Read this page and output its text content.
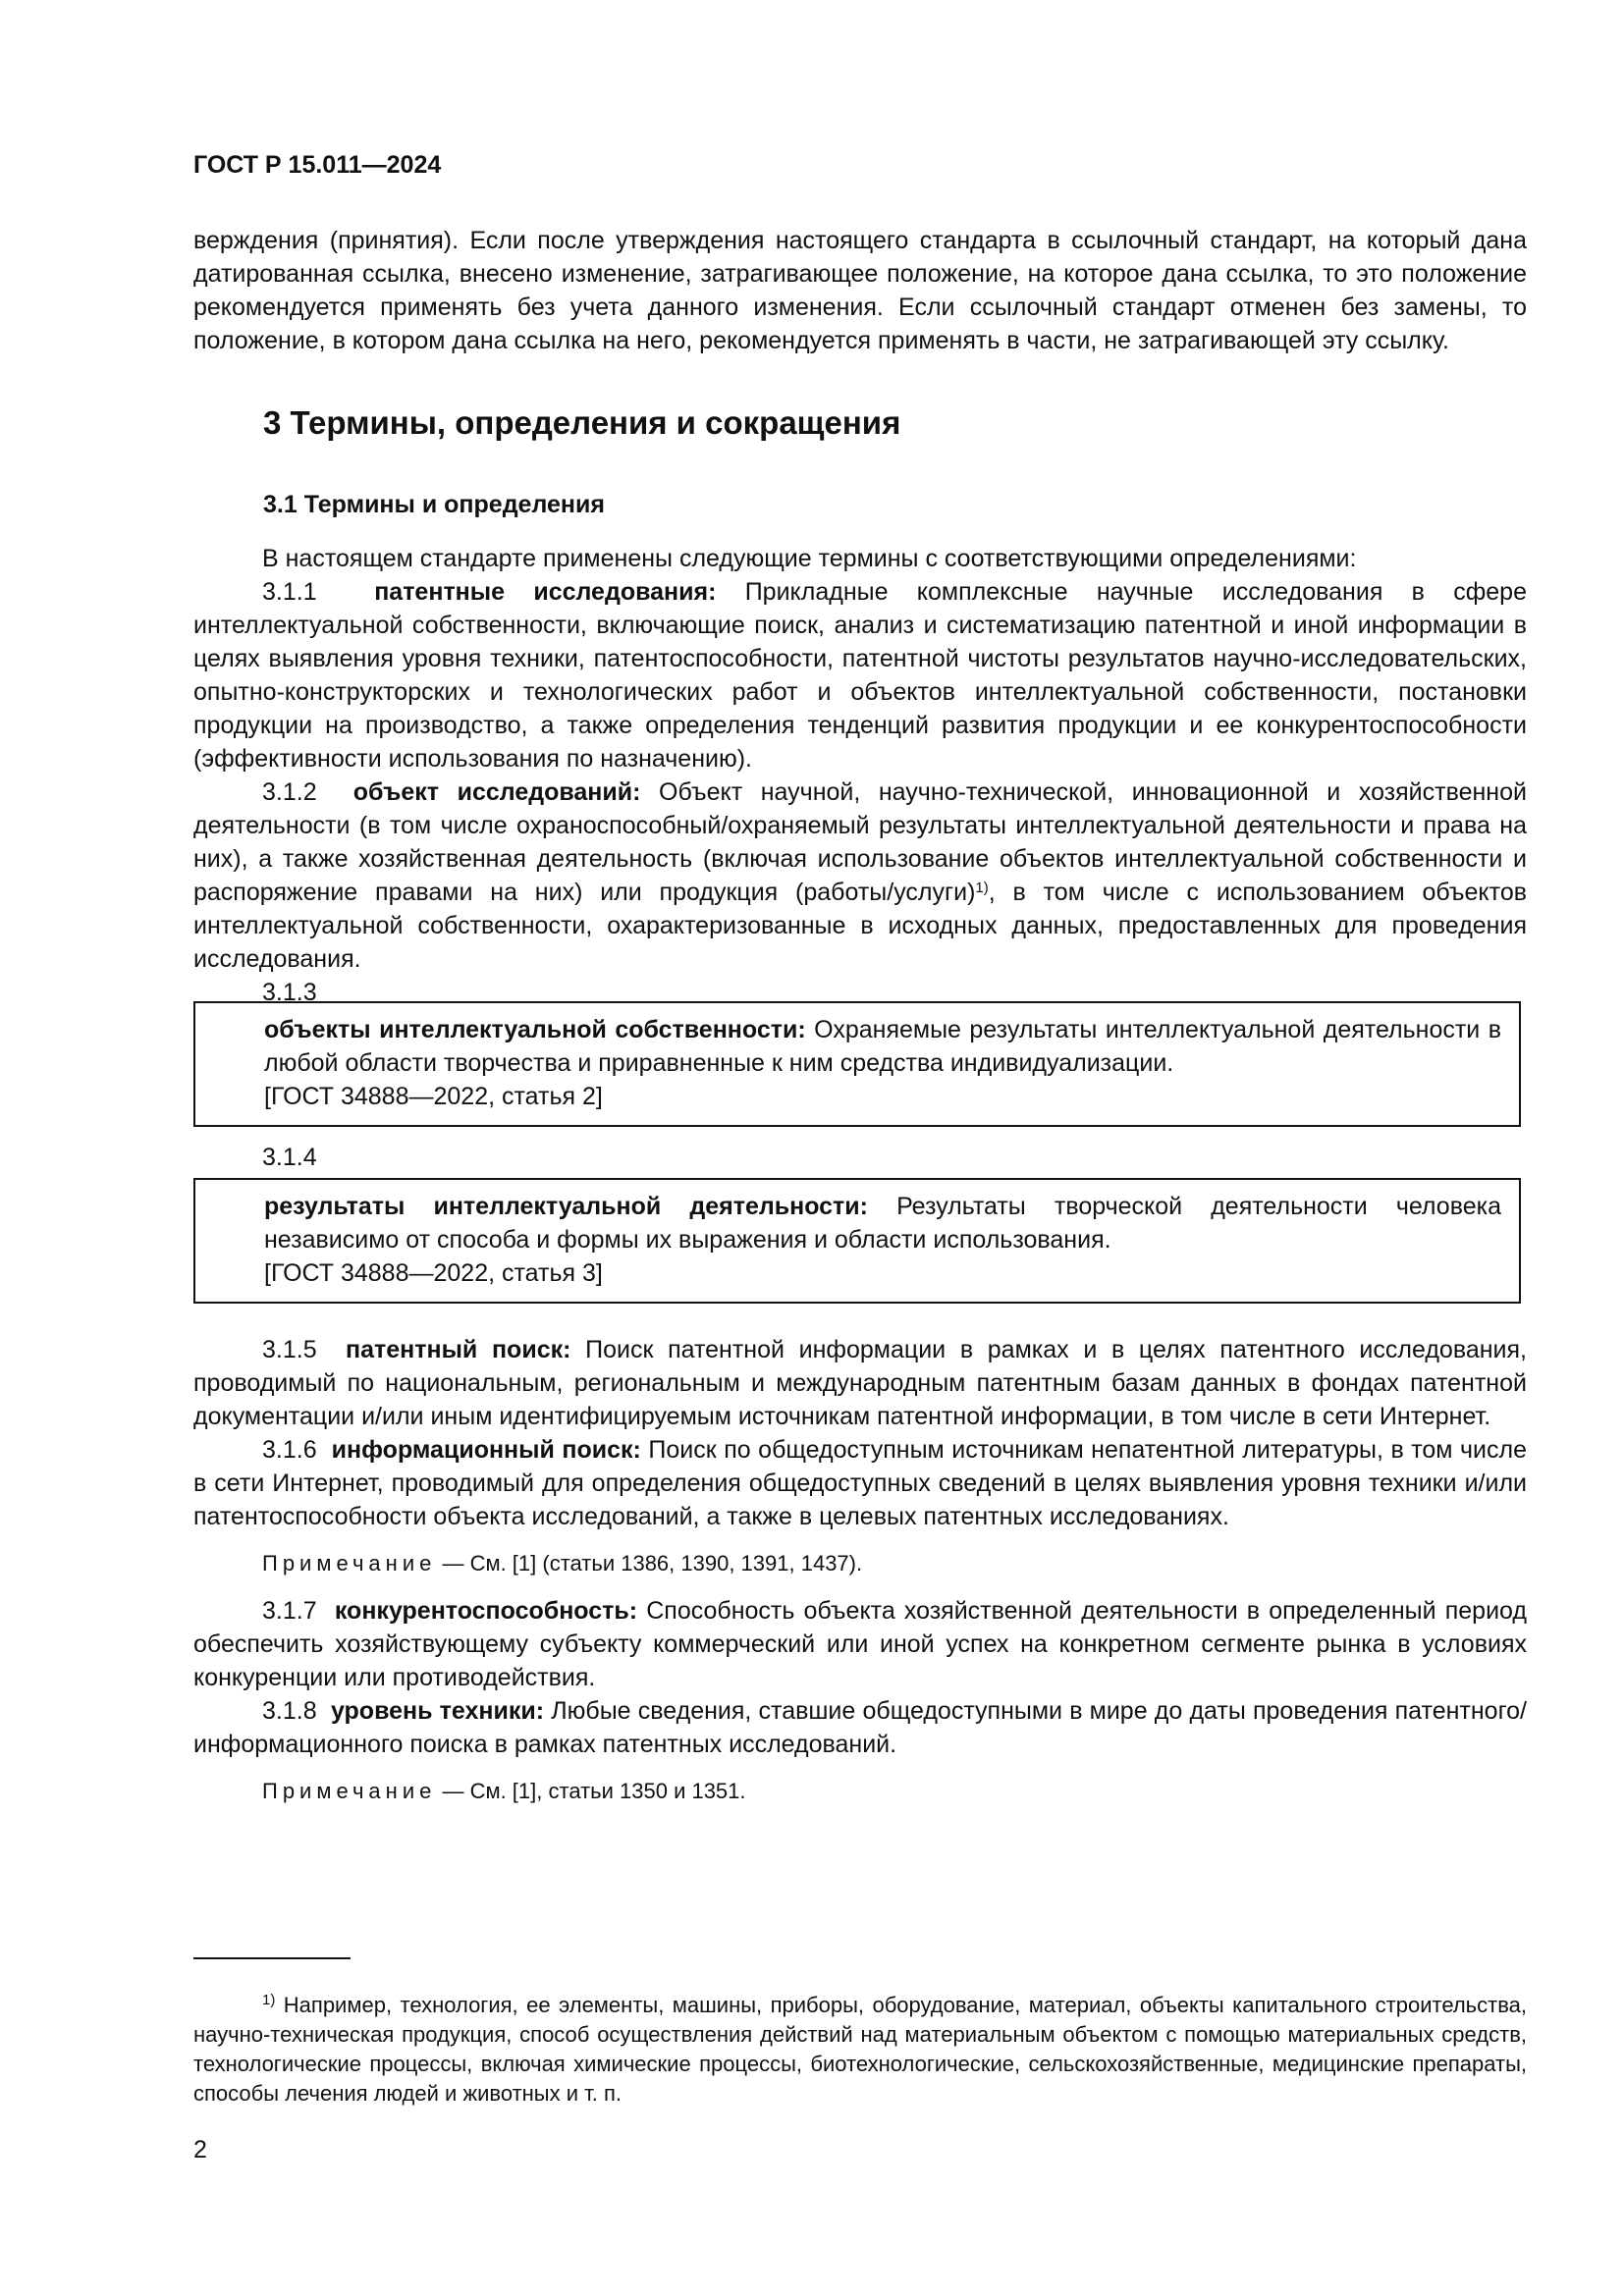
ГОСТ Р 15.011—2024

верждения (принятия). Если после утверждения настоящего стандарта в ссылочный стандарт, на который дана датированная ссылка, внесено изменение, затрагивающее положение, на которое дана ссылка, то это положение рекомендуется применять без учета данного изменения. Если ссылочный стандарт отменен без замены, то положение, в котором дана ссылка на него, рекомендуется применять в части, не затрагивающей эту ссылку.

3 Термины, определения и сокращения
3.1 Термины и определения

В настоящем стандарте применены следующие термины с соответствующими определениями:

3.1.1 патентные исследования: Прикладные комплексные научные исследования в сфере интеллектуальной собственности, включающие поиск, анализ и систематизацию патентной и иной информации в целях выявления уровня техники, патентоспособности, патентной чистоты результатов научно-исследовательских, опытно-конструкторских и технологических работ и объектов интеллектуальной собственности, постановки продукции на производство, а также определения тенденций развития продукции и ее конкурентоспособности (эффективности использования по назначению).

3.1.2 объект исследований: Объект научной, научно-технической, инновационной и хозяйственной деятельности (в том числе охраноспособный/охраняемый результаты интеллектуальной деятельности и права на них), а также хозяйственная деятельность (включая использование объектов интеллектуальной собственности и распоряжение правами на них) или продукция (работы/услуги)$^{1)}$, в том числе с использованием объектов интеллектуальной собственности, охарактеризованные в исходных данных, предоставленных для проведения исследования.

3.1.3

объекты интеллектуальной собственности: Охраняемые результаты интеллектуальной деятельности в любой области творчества и приравненные к ним средства индивидуализации.

[ГОСТ 34888—2022, статья 2]

3.1.4

результаты интеллектуальной деятельности: Результаты творческой деятельности человека независимо от способа и формы их выражения и области использования.

[ГОСТ 34888—2022, статья 3]

3.1.5 патентный поиск: Поиск патентной информации в рамках и в целях патентного исследования, проводимый по национальным, региональным и международным патентным базам данных в фондах патентной документации и/или иным идентифицируемым источникам патентной информации, в том числе в сети Интернет.

3.1.6 информационный поиск: Поиск по общедоступным источникам непатентной литературы, в том числе в сети Интернет, проводимый для определения общедоступных сведений в целях выявления уровня техники и/или патентоспособности объекта исследований, а также в целевых патентных исследованиях.

Примечание — См. [1] (статьи 1386, 1390, 1391, 1437).

3.1.7 конкурентоспособность: Способность объекта хозяйственной деятельности в определенный период обеспечить хозяйствующему субъекту коммерческий или иной успех на конкретном сегменте рынка в условиях конкуренции или противодействия.

3.1.8 уровень техники: Любые сведения, ставшие общедоступными в мире до даты проведения патентного/информационного поиска в рамках патентных исследований.

Примечание — См. [1], статьи 1350 и 1351.

$^{1)}$ Например, технология, ее элементы, машины, приборы, оборудование, материал, объекты капитального строительства, научно-техническая продукция, способ осуществления действий над материальным объектом с помощью материальных средств, технологические процессы, включая химические процессы, биотехнологические, сельскохозяйственные, медицинские препараты, способы лечения людей и животных и т. п.

2
